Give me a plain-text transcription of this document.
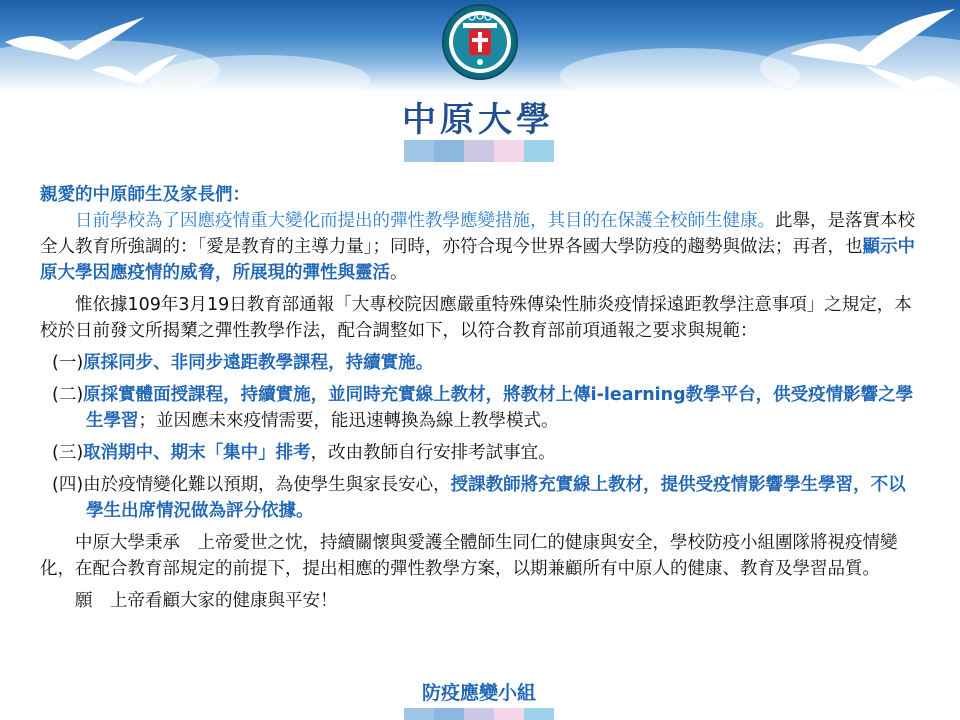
中原大學

親愛的中原師生及家長們：

日前學校為了因應疫情重大變化而提出的彈性教學應變措施，其目的在保護全校師生健康。此舉，是落實本校全人教育所強調的：「愛是教育的主導力量」；同時，亦符合現今世界各國大學防疫的趨勢與做法；再者，也顯示中原大學因應疫情的威脅，所展現的彈性與靈活。

惟依據109年3月19日教育部通報「大專校院因應嚴重特殊傳染性肺炎疫情採遠距教學注意事項」之規定，本校於日前發文所揭櫫之彈性教學作法，配合調整如下，以符合教育部前項通報之要求與規範：

(一)原採同步、非同步遠距教學課程，持續實施。

(二)原採實體面授課程，持續實施，並同時充實線上教材，將教材上傳i-learning教學平台，供受疫情影響之學生學習；並因應未來疫情需要，能迅速轉換為線上教學模式。

(三)取消期中、期末「集中」排考，改由教師自行安排考試事宜。

(四)由於疫情變化難以預期，為使學生與家長安心，授課教師將充實線上教材，提供受疫情影響學生學習，不以學生出席情況做為評分依據。

中原大學秉承　上帝愛世之忱，持續關懷與愛護全體師生同仁的健康與安全，學校防疫小組團隊將視疫情變化，在配合教育部規定的前提下，提出相應的彈性教學方案，以期兼顧所有中原人的健康、教育及學習品質。

願　上帝看顧大家的健康與平安！

防疫應變小組
